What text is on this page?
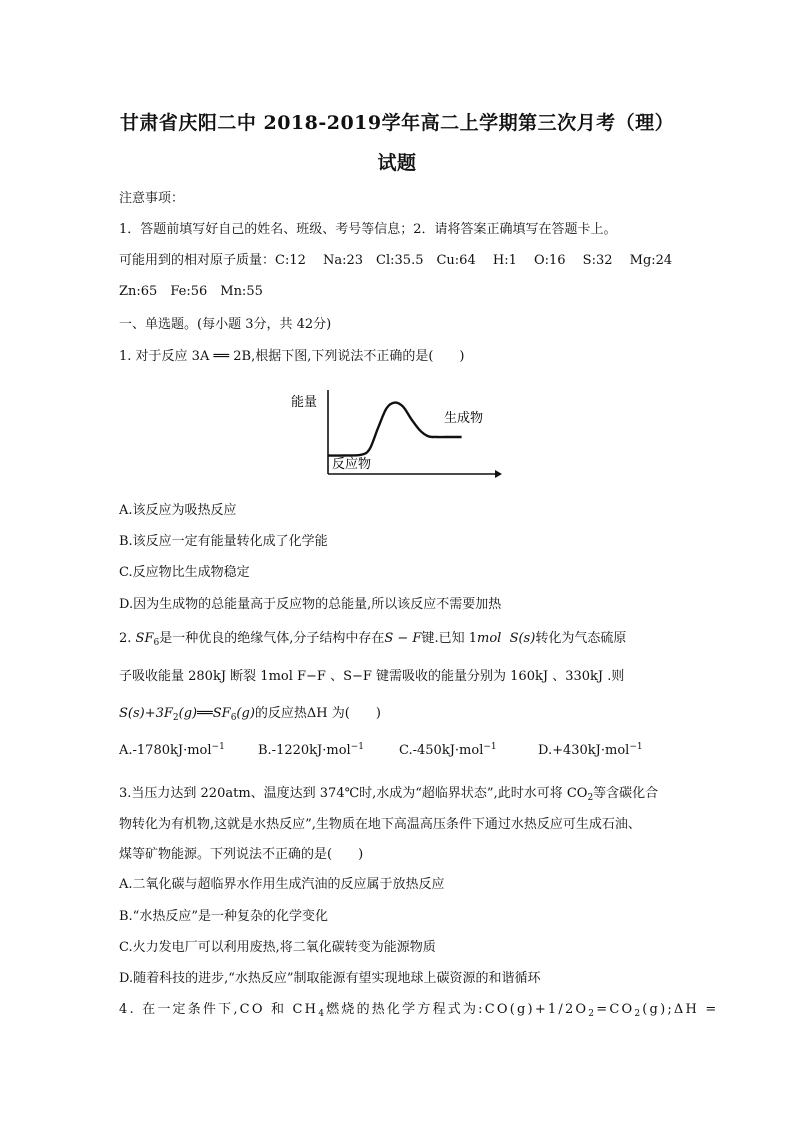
甘肃省庆阳二中 2018-2019学年高二上学期第三次月考（理）
试题
注意事项：
1．答题前填写好自己的姓名、班级、考号等信息；2．请将答案正确填写在答题卡上。
可能用到的相对原子质量：C:12　 Na:23　Cl:35.5　Cu:64　 H:1　 O:16　 S:32　 Mg:24
Zn:65　Fe:56　Mn:55
一、单选题。(每小题 3分，共 42分)
1. 对于反应 3A ══ 2B,根据下图,下列说法不正确的是(　　)
能量
反应物
生成物
A.该反应为吸热反应
B.该反应一定有能量转化成了化学能
C.反应物比生成物稳定
D.因为生成物的总能量高于反应物的总能量,所以该反应不需要加热
2. $SF_6$是一种优良的绝缘气体,分子结构中存在S − F键.已知 1mol S(s)转化为气态硫原
子吸收能量 280kJ 断裂 1mol F−F 、S−F 键需吸收的能量分别为 160kJ 、330kJ .则
$S(s)+3F_2(g)══SF_6(g)$的反应热ΔH 为(　　)
A.-1780kJ·mol$^{-1}$	B.-1220kJ·mol$^{-1}$	C.-450kJ·mol$^{-1}$	D.+430kJ·mol$^{-1}$
3.当压力达到 220atm、温度达到 374℃时,水成为“超临界状态”,此时水可将 $CO_2$等含碳化合
物转化为有机物,这就是水热反应”,生物质在地下高温高压条件下通过水热反应可生成石油、
煤等矿物能源。下列说法不正确的是(　　)
A.二氧化碳与超临界水作用生成汽油的反应属于放热反应
B.“水热反应”是一种复杂的化学变化
C.火力发电厂可以利用废热,将二氧化碳转变为能源物质
D.随着科技的进步,“水热反应”制取能源有望实现地球上碳资源的和谐循环
4. 在一定条件下,CO 和 $CH_4$燃烧的热化学方程式为$:CO(g)+1/2O_2=CO_2(g);\Delta H$ =
